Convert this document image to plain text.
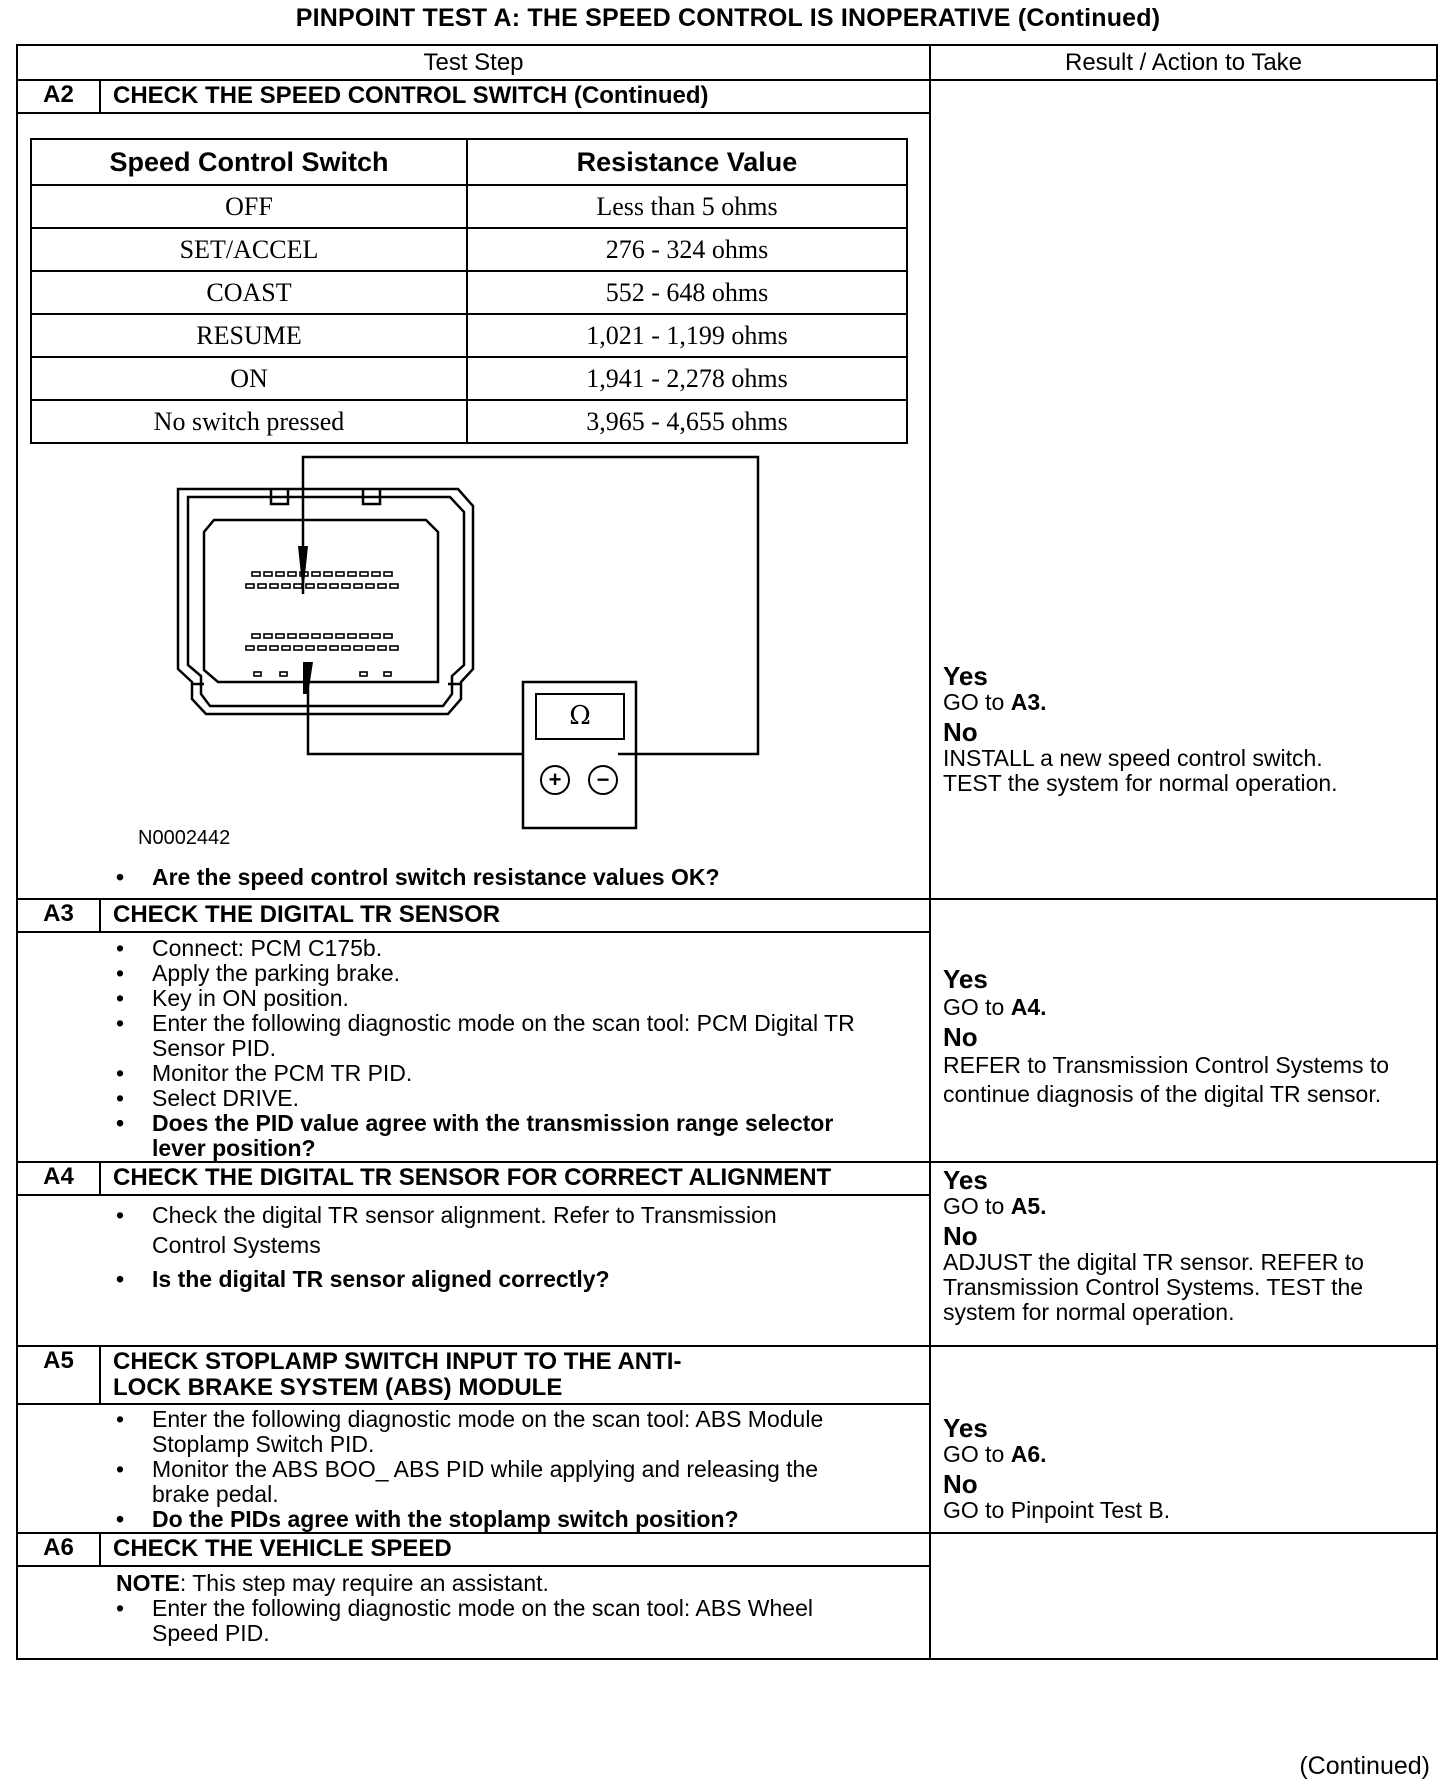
PINPOINT TEST A: THE SPEED CONTROL IS INOPERATIVE (Continued)
Test Step	Result / Action to Take

A2	CHECK THE SPEED CONTROL SWITCH (Continued)
Speed Control Switch	Resistance Value
OFF	Less than 5 ohms
SET/ACCEL	276 - 324 ohms
COAST	552 - 648 ohms
RESUME	1,021 - 1,199 ohms
ON	1,941 - 2,278 ohms
No switch pressed	3,965 - 4,655 ohms
Ω
+	−
N0002442
• Are the speed control switch resistance values OK?

Yes
GO to A3.
No
INSTALL a new speed control switch.
TEST the system for normal operation.

A3	CHECK THE DIGITAL TR SENSOR
• Connect: PCM C175b.
• Apply the parking brake.
• Key in ON position.
• Enter the following diagnostic mode on the scan tool: PCM Digital TR Sensor PID.
• Monitor the PCM TR PID.
• Select DRIVE.
• Does the PID value agree with the transmission range selector lever position?

Yes
GO to A4.
No
REFER to Transmission Control Systems to continue diagnosis of the digital TR sensor.

A4	CHECK THE DIGITAL TR SENSOR FOR CORRECT ALIGNMENT
• Check the digital TR sensor alignment. Refer to Transmission Control Systems
• Is the digital TR sensor aligned correctly?

Yes
GO to A5.
No
ADJUST the digital TR sensor. REFER to Transmission Control Systems. TEST the system for normal operation.

A5	CHECK STOPLAMP SWITCH INPUT TO THE ANTI-LOCK BRAKE SYSTEM (ABS) MODULE
• Enter the following diagnostic mode on the scan tool: ABS Module Stoplamp Switch PID.
• Monitor the ABS BOO_ ABS PID while applying and releasing the brake pedal.
• Do the PIDs agree with the stoplamp switch position?

Yes
GO to A6.
No
GO to Pinpoint Test B.

A6	CHECK THE VEHICLE SPEED
NOTE: This step may require an assistant.
• Enter the following diagnostic mode on the scan tool: ABS Wheel Speed PID.

(Continued)
